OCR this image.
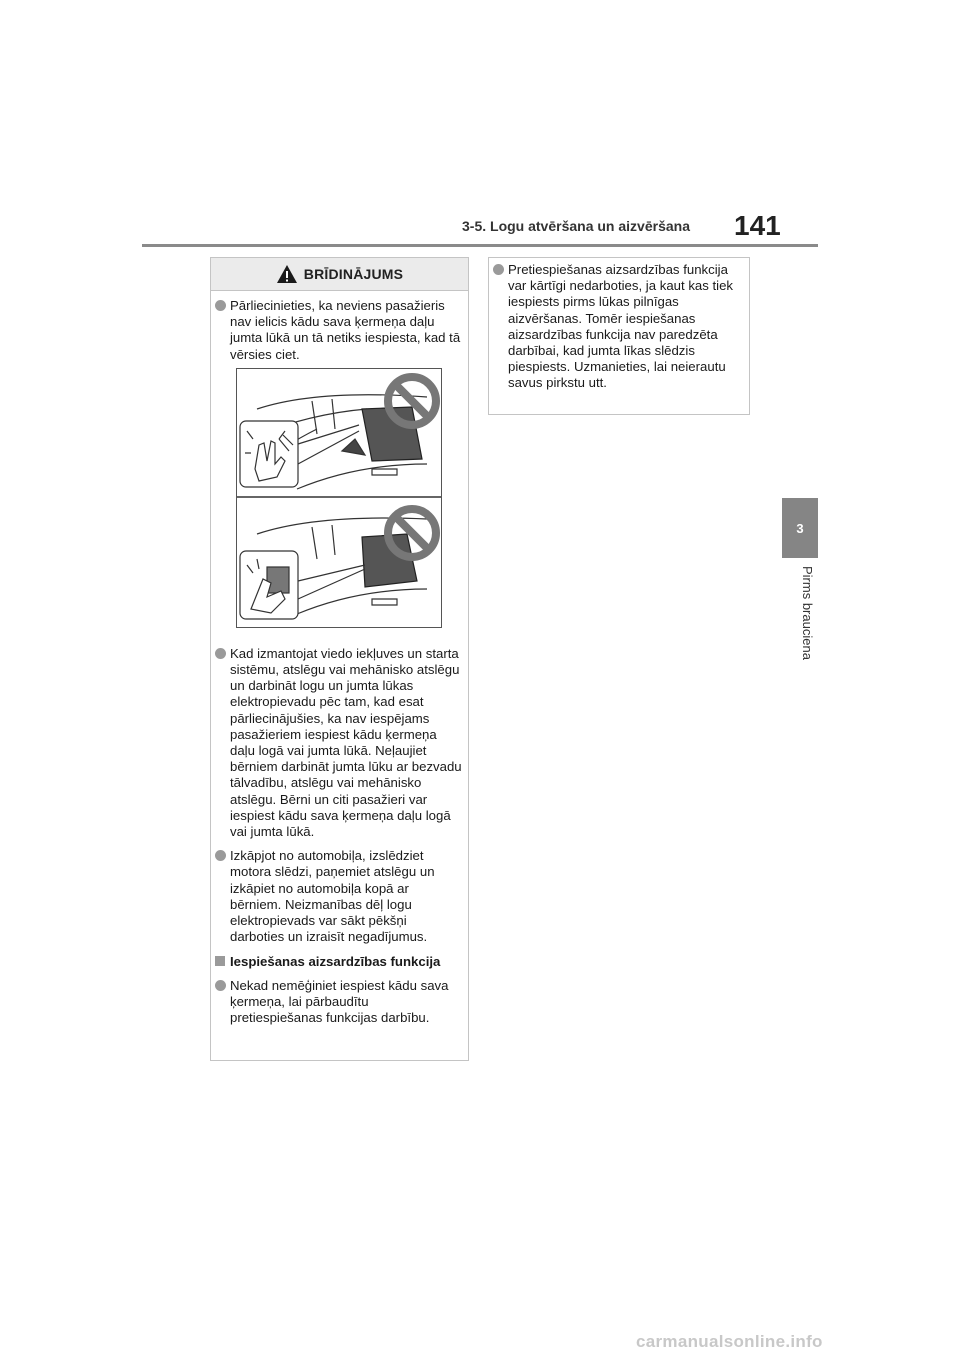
3-5. Logu atvēršana un aizvēršana 141
3
Pirms brauciena
BRĪDINĀJUMS
Pārliecinieties, ka neviens pasažieris nav ielicis kādu sava ķermeņa daļu jumta lūkā un tā netiks iespiesta, kad tā vērsies ciet.
Kad izmantojat viedo iekļuves un starta sistēmu, atslēgu vai mehānisko atslēgu un darbināt logu un jumta lūkas elektropievadu pēc tam, kad esat pārliecinājušies, ka nav iespējams pasažieriem iespiest kādu ķermeņa daļu logā vai jumta lūkā. Neļaujiet bērniem darbināt jumta lūku ar bezvadu tālvadību, atslēgu vai mehānisko atslēgu. Bērni un citi pasažieri var iespiest kādu sava ķermeņa daļu logā vai jumta lūkā.
Izkāpjot no automobiļa, izslēdziet motora slēdzi, paņemiet atslēgu un izkāpiet no automobiļa kopā ar bērniem. Neizmanības dēļ logu elektropievads var sākt pēkšņi darboties un izraisīt negadījumus.
Iespiešanas aizsardzības funkcija
Nekad nemēģiniet iespiest kādu sava ķermeņa, lai pārbaudītu pretiespiešanas funkcijas darbību.
Pretiespiešanas aizsardzības funkcija var kārtīgi nedarboties, ja kaut kas tiek iespiests pirms lūkas pilnīgas aizvēršanas. Tomēr iespiešanas aizsardzības funkcija nav paredzēta darbībai, kad jumta līkas slēdzis piespiests. Uzmanieties, lai neierautu savus pirkstu utt.
carmanualsonline.info
